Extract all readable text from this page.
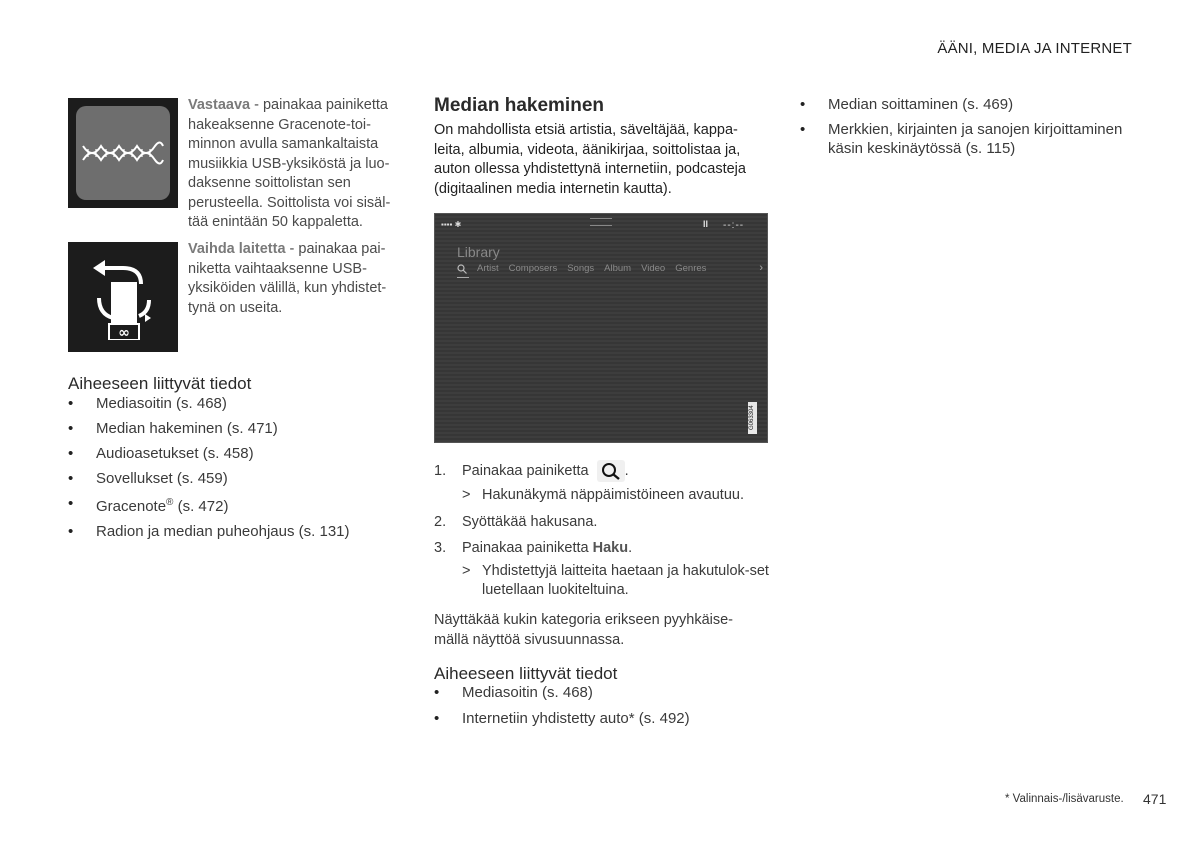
ÄÄNI, MEDIA JA INTERNET
Vastaava - painakaa painiketta hakeaksenne Gracenote-toi-minnon avulla samankaltaista musiikkia USB-yksiköstä ja luo-daksenne soittolistan sen perusteella. Soittolista voi sisäl-tää enintään 50 kappaletta.
∞
Vaihda laitetta - painakaa pai-niketta vaihtaaksenne USB-yksiköiden välillä, kun yhdistet-tynä on useita.
Aiheeseen liittyvät tiedot
• Mediasoitin (s. 468)
• Median hakeminen (s. 471)
• Audioasetukset (s. 458)
• Sovellukset (s. 459)
• Gracenote® (s. 472)
• Radion ja median puheohjaus (s. 131)
Median hakeminen
On mahdollista etsiä artistia, säveltäjää, kappa-leita, albumia, videota, äänikirjaa, soittolistaa ja, auton ollessa yhdistettynä internetiin, podcasteja (digitaalinen media internetin kautta).
▪▪▪▪ ✱	II --:--
Library
Artist Composers Songs Album Video Genres	›
G063304
1. Painakaa painiketta .
> Hakunäkymä näppäimistöineen avautuu.
2. Syöttäkää hakusana.
3. Painakaa painiketta Haku.
> Yhdistettyjä laitteita haetaan ja hakutulok-set luetellaan luokiteltuina.
Näyttäkää kukin kategoria erikseen pyyhkäise-mällä näyttöä sivusuunnassa.
Aiheeseen liittyvät tiedot
• Mediasoitin (s. 468)
• Internetiin yhdistetty auto* (s. 492)
• Median soittaminen (s. 469)
• Merkkien, kirjainten ja sanojen kirjoittaminen käsin keskinäytössä (s. 115)
* Valinnais-/lisävaruste. 471
